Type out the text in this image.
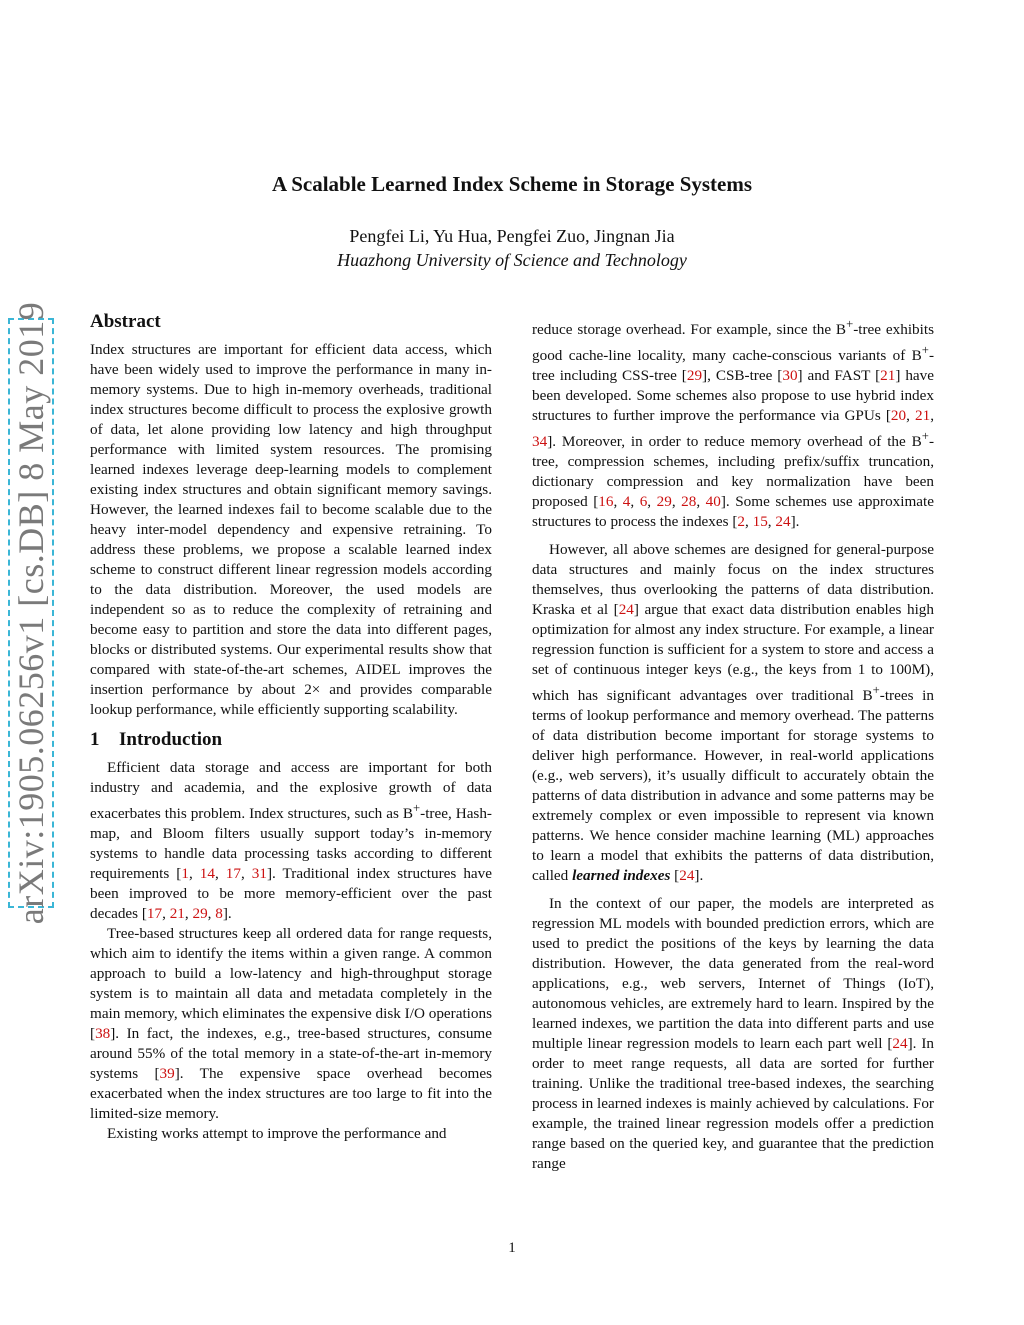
A Scalable Learned Index Scheme in Storage Systems
Pengfei Li, Yu Hua, Pengfei Zuo, Jingnan Jia
Huazhong University of Science and Technology
arXiv:1905.06256v1 [cs.DB] 8 May 2019 Abstract

Index structures are important for efficient data access, which have been widely used to improve the performance in many in-memory systems. Due to high in-memory overheads, traditional index structures become difficult to process the explosive growth of data, let alone providing low latency and high throughput performance with limited system resources. The promising learned indexes leverage deep-learning models to complement existing index structures and obtain significant memory savings. However, the learned indexes fail to become scalable due to the heavy inter-model dependency and expensive retraining. To address these problems, we propose a scalable learned index scheme to construct different linear regression models according to the data distribution. Moreover, the used models are independent so as to reduce the complexity of retraining and become easy to partition and store the data into different pages, blocks or distributed systems. Our experimental results show that compared with state-of-the-art schemes, AIDEL improves the insertion performance by about 2× and provides comparable lookup performance, while efficiently supporting scalability.

1 Introduction

Efficient data storage and access are important for both industry and academia, and the explosive growth of data exacerbates this problem. Index structures, such as B+-tree, Hash-map, and Bloom filters usually support today’s in-memory systems to handle data processing tasks according to different requirements [1, 14, 17, 31]. Traditional index structures have been improved to be more memory-efficient over the past decades [17, 21, 29, 8].

Tree-based structures keep all ordered data for range requests, which aim to identify the items within a given range. A common approach to build a low-latency and high-throughput storage system is to maintain all data and metadata completely in the main memory, which eliminates the expensive disk I/O operations [38]. In fact, the indexes, e.g., tree-based structures, consume around 55% of the total memory in a state-of-the-art in-memory systems [39]. The expensive space overhead becomes exacerbated when the index structures are too large to fit into the limited-size memory.

Existing works attempt to improve the performance and

reduce storage overhead. For example, since the B+-tree exhibits good cache-line locality, many cache-conscious variants of B+-tree including CSS-tree [29], CSB-tree [30] and FAST [21] have been developed. Some schemes also propose to use hybrid index structures to further improve the performance via GPUs [20, 21, 34]. Moreover, in order to reduce memory overhead of the B+-tree, compression schemes, including prefix/suffix truncation, dictionary compression and key normalization have been proposed [16, 4, 6, 29, 28, 40]. Some schemes use approximate structures to process the indexes [2, 15, 24].

However, all above schemes are designed for general-purpose data structures and mainly focus on the index structures themselves, thus overlooking the patterns of data distribution. Kraska et al [24] argue that exact data distribution enables high optimization for almost any index structure. For example, a linear regression function is sufficient for a system to store and access a set of continuous integer keys (e.g., the keys from 1 to 100M), which has significant advantages over traditional B+-trees in terms of lookup performance and memory overhead. The patterns of data distribution become important for storage systems to deliver high performance. However, in real-world applications (e.g., web servers), it’s usually difficult to accurately obtain the patterns of data distribution in advance and some patterns may be extremely complex or even impossible to represent via known patterns. We hence consider machine learning (ML) approaches to learn a model that exhibits the patterns of data distribution, called learned indexes [24].

In the context of our paper, the models are interpreted as regression ML models with bounded prediction errors, which are used to predict the positions of the keys by learning the data distribution. However, the data generated from the real-word applications, e.g., web servers, Internet of Things (IoT), autonomous vehicles, are extremely hard to learn. Inspired by the learned indexes, we partition the data into different parts and use multiple linear regression models to learn each part well [24]. In order to meet range requests, all data are sorted for further training. Unlike the traditional tree-based indexes, the searching process in learned indexes is mainly achieved by calculations. For example, the trained linear regression models offer a prediction range based on the queried key, and guarantee that the prediction range

1
